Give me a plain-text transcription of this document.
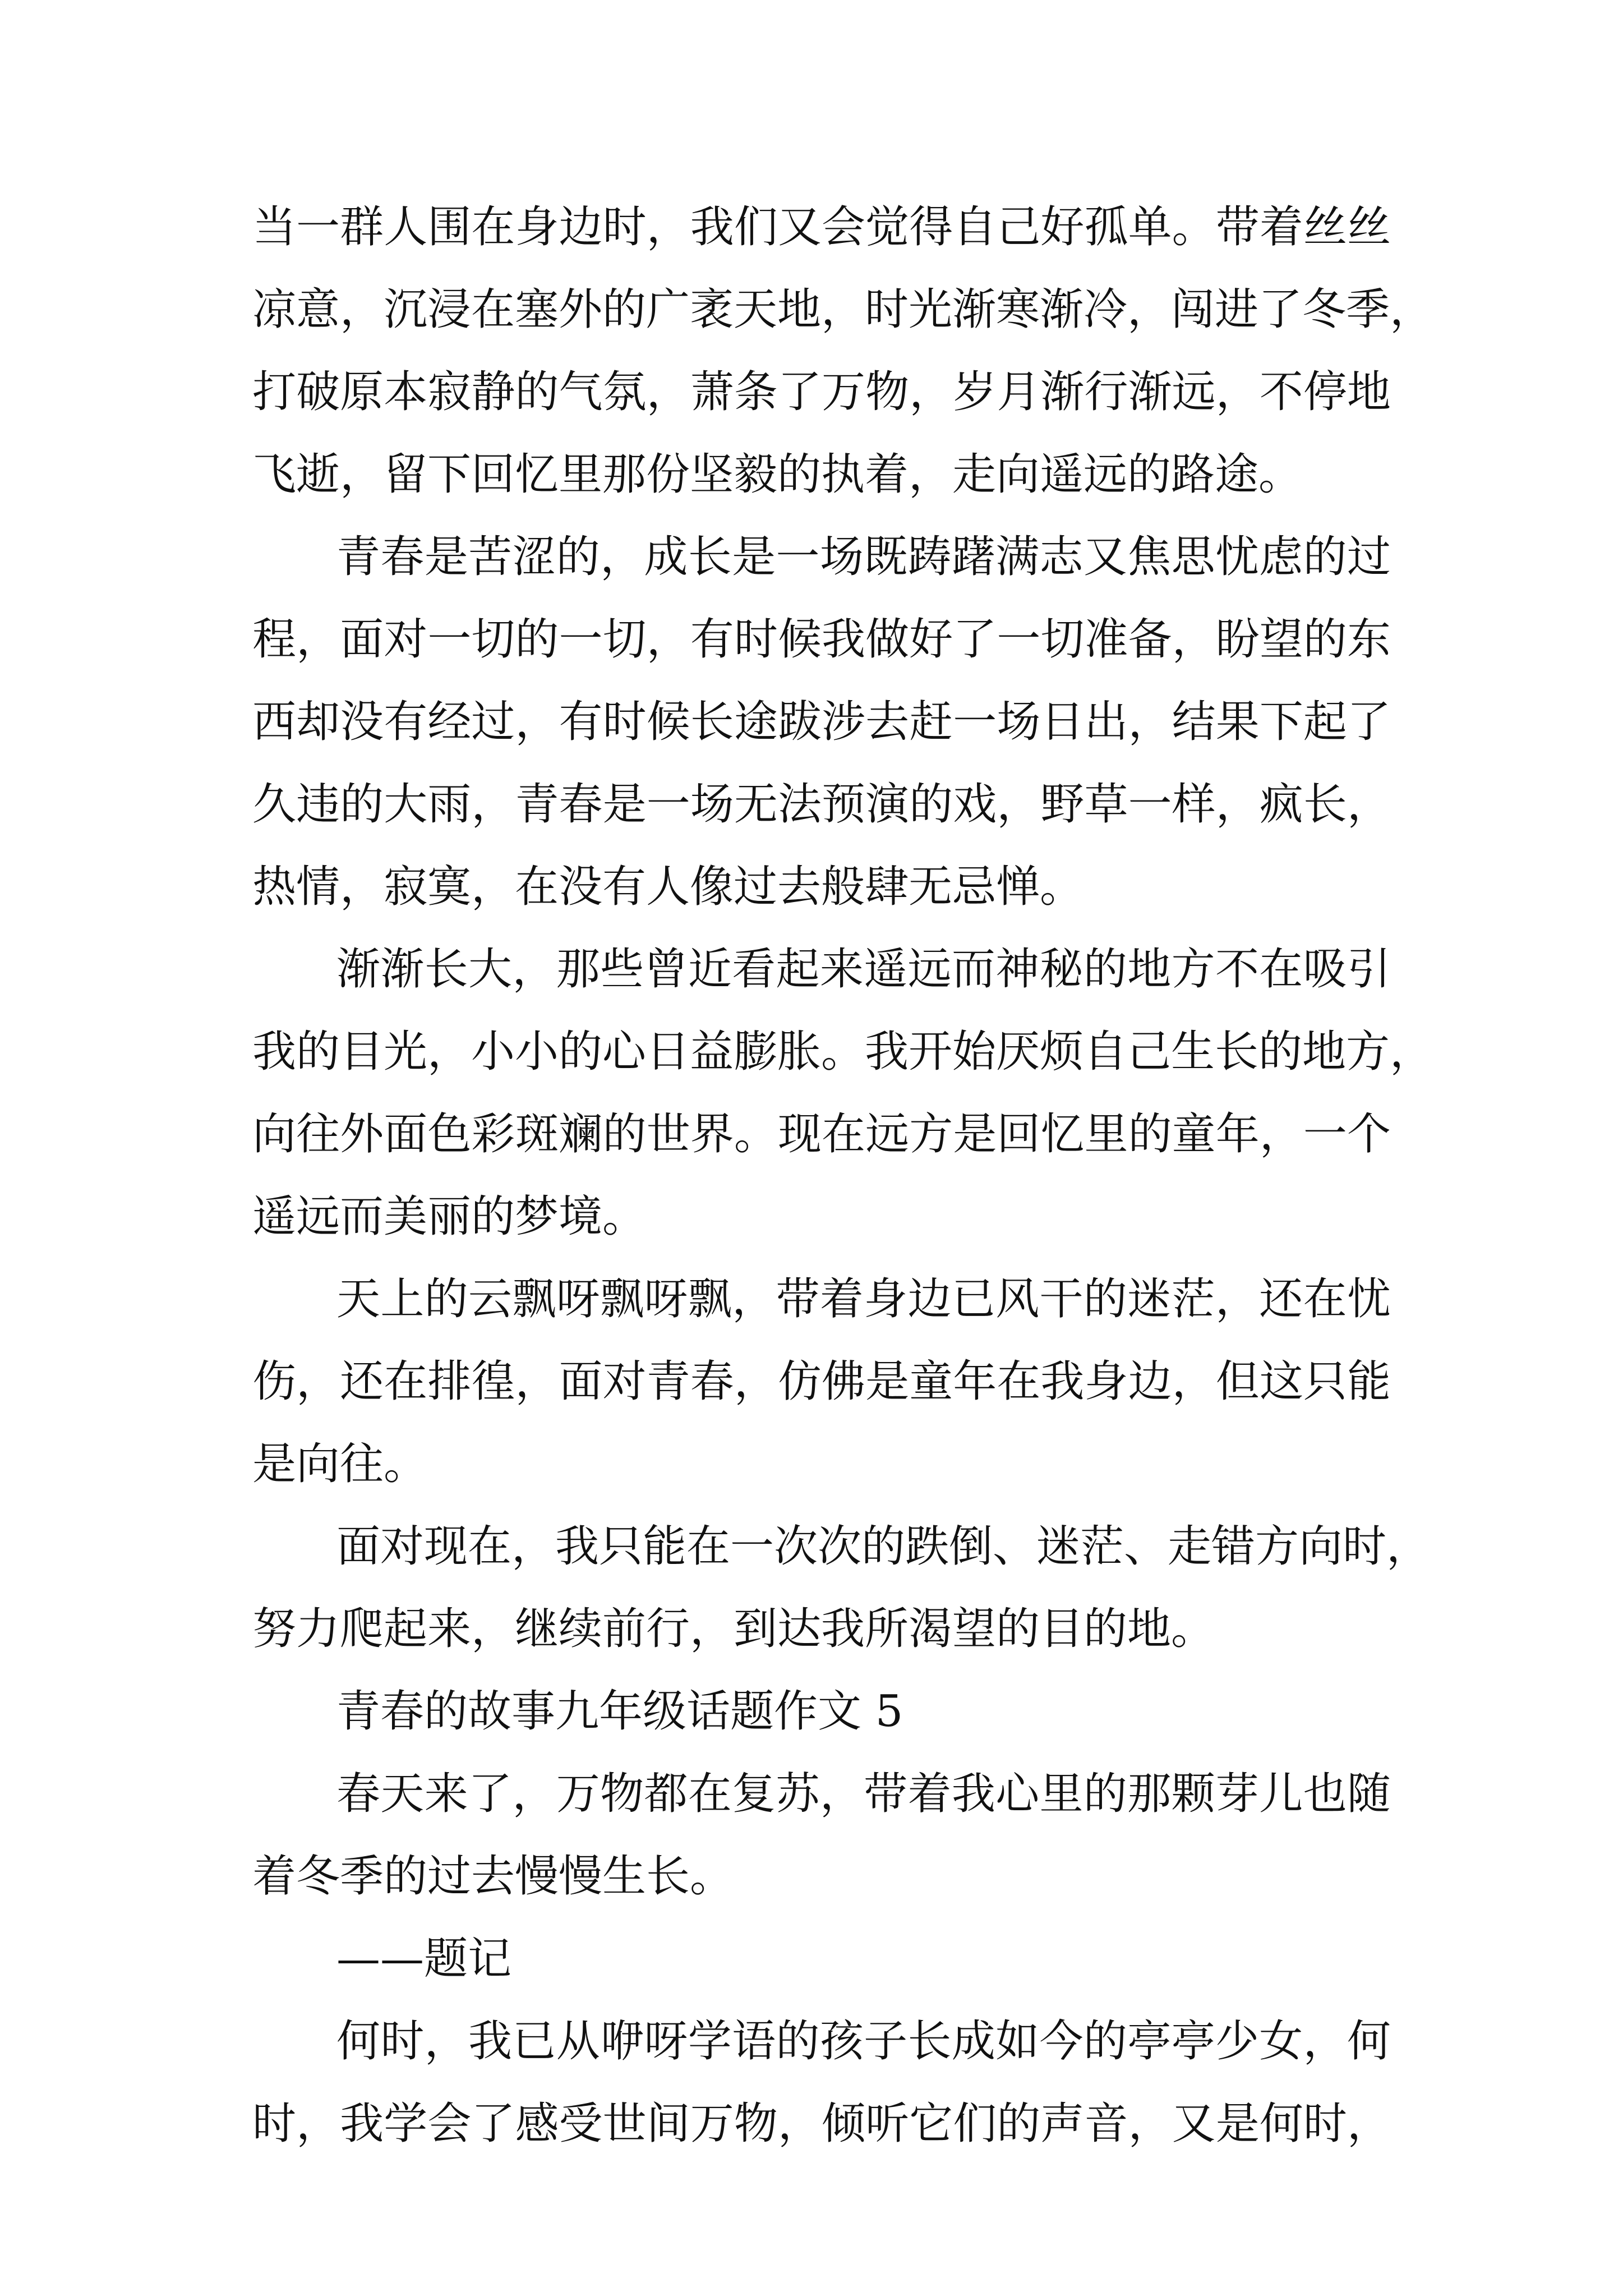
当一群人围在身边时，我们又会觉得自己好孤单。带着丝丝
凉意，沉浸在塞外的广袤天地，时光渐寒渐冷，闯进了冬季，
打破原本寂静的气氛，萧条了万物，岁月渐行渐远，不停地
飞逝，留下回忆里那份坚毅的执着，走向遥远的路途。
青春是苦涩的，成长是一场既踌躇满志又焦思忧虑的过
程，面对一切的一切，有时候我做好了一切准备，盼望的东
西却没有经过，有时候长途跋涉去赶一场日出，结果下起了
久违的大雨，青春是一场无法预演的戏，野草一样，疯长，
热情，寂寞，在没有人像过去般肆无忌惮。
渐渐长大，那些曾近看起来遥远而神秘的地方不在吸引
我的目光，小小的心日益膨胀。我开始厌烦自己生长的地方，
向往外面色彩斑斓的世界。现在远方是回忆里的童年，一个
遥远而美丽的梦境。
天上的云飘呀飘呀飘，带着身边已风干的迷茫，还在忧
伤，还在排徨，面对青春，仿佛是童年在我身边，但这只能
是向往。
面对现在，我只能在一次次的跌倒、迷茫、走错方向时，
努力爬起来，继续前行，到达我所渴望的目的地。
青春的故事九年级话题作文 5
春天来了，万物都在复苏，带着我心里的那颗芽儿也随
着冬季的过去慢慢生长。
——题记
何时，我已从咿呀学语的孩子长成如今的亭亭少女，何
时，我学会了感受世间万物，倾听它们的声音，又是何时，
